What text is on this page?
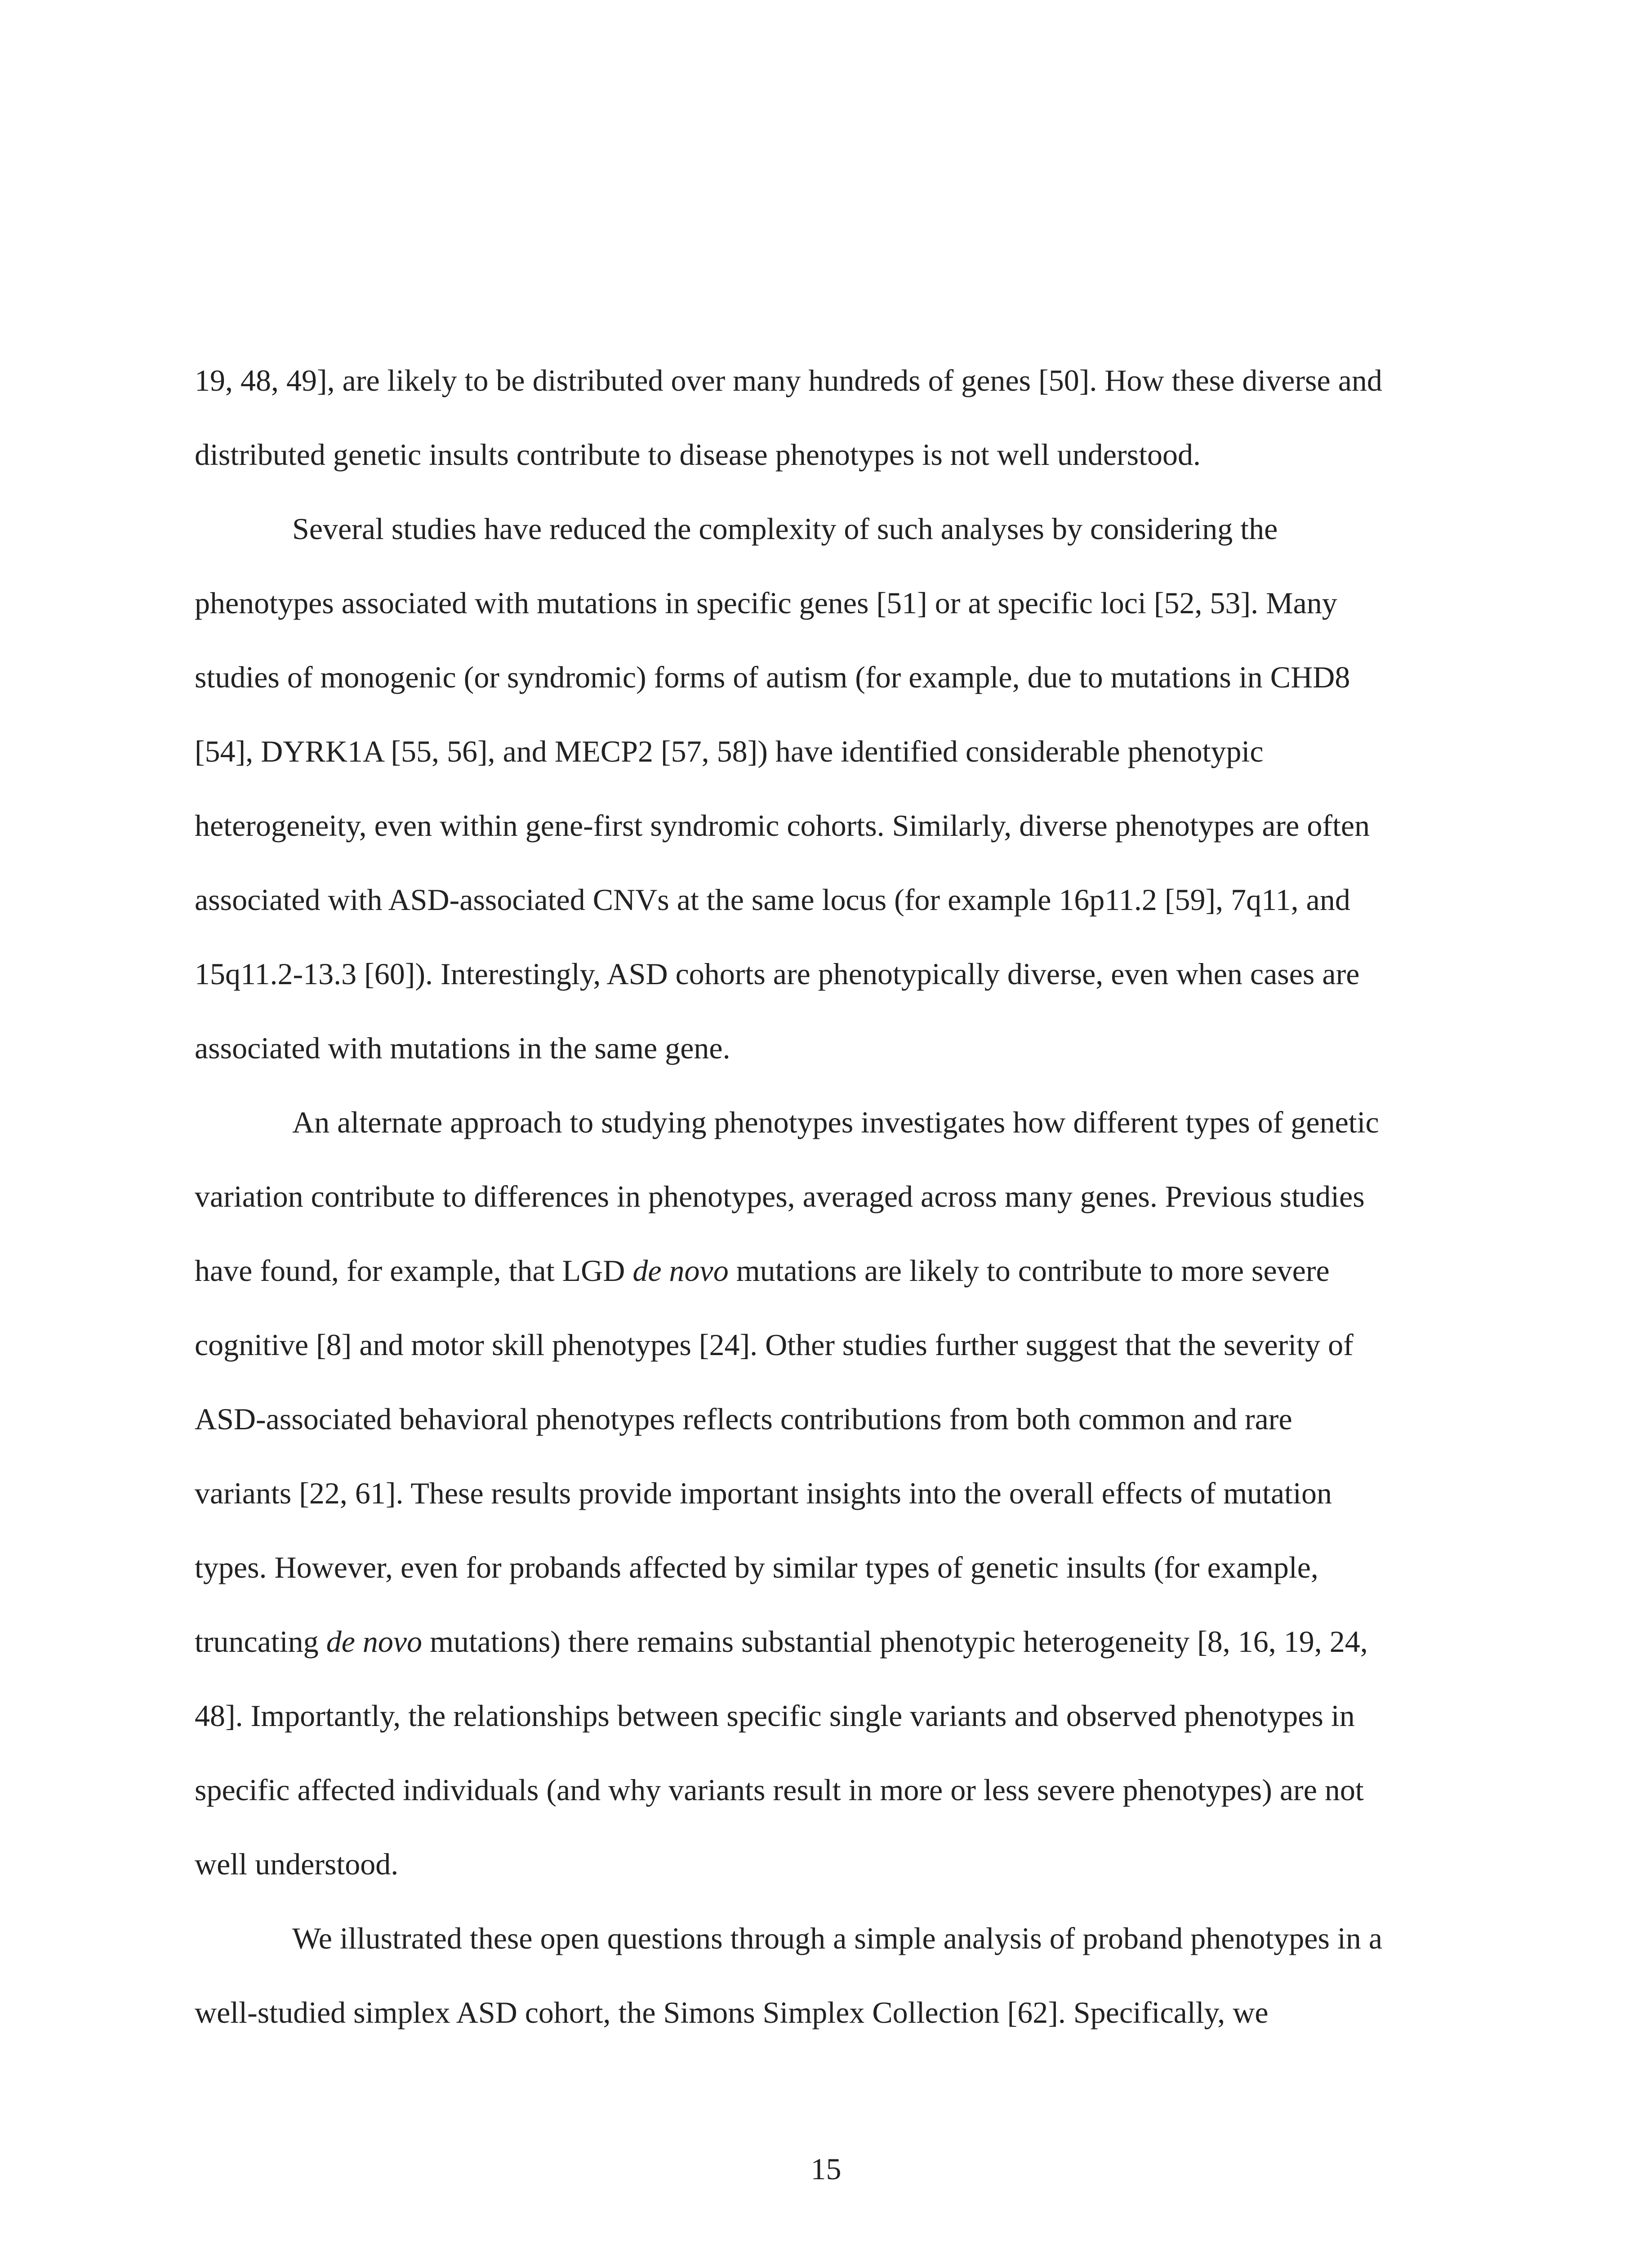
19, 48, 49], are likely to be distributed over many hundreds of genes [50]. How these diverse and
distributed genetic insults contribute to disease phenotypes is not well understood.
Several studies have reduced the complexity of such analyses by considering the
phenotypes associated with mutations in specific genes [51] or at specific loci [52, 53]. Many
studies of monogenic (or syndromic) forms of autism (for example, due to mutations in CHD8
[54], DYRK1A [55, 56], and MECP2 [57, 58]) have identified considerable phenotypic
heterogeneity, even within gene-first syndromic cohorts. Similarly, diverse phenotypes are often
associated with ASD-associated CNVs at the same locus (for example 16p11.2 [59], 7q11, and
15q11.2-13.3 [60]). Interestingly, ASD cohorts are phenotypically diverse, even when cases are
associated with mutations in the same gene.
An alternate approach to studying phenotypes investigates how different types of genetic
variation contribute to differences in phenotypes, averaged across many genes. Previous studies
have found, for example, that LGD de novo mutations are likely to contribute to more severe
cognitive [8] and motor skill phenotypes [24]. Other studies further suggest that the severity of
ASD-associated behavioral phenotypes reflects contributions from both common and rare
variants [22, 61]. These results provide important insights into the overall effects of mutation
types. However, even for probands affected by similar types of genetic insults (for example,
truncating de novo mutations) there remains substantial phenotypic heterogeneity [8, 16, 19, 24,
48]. Importantly, the relationships between specific single variants and observed phenotypes in
specific affected individuals (and why variants result in more or less severe phenotypes) are not
well understood.
We illustrated these open questions through a simple analysis of proband phenotypes in a
well-studied simplex ASD cohort, the Simons Simplex Collection [62]. Specifically, we
15
